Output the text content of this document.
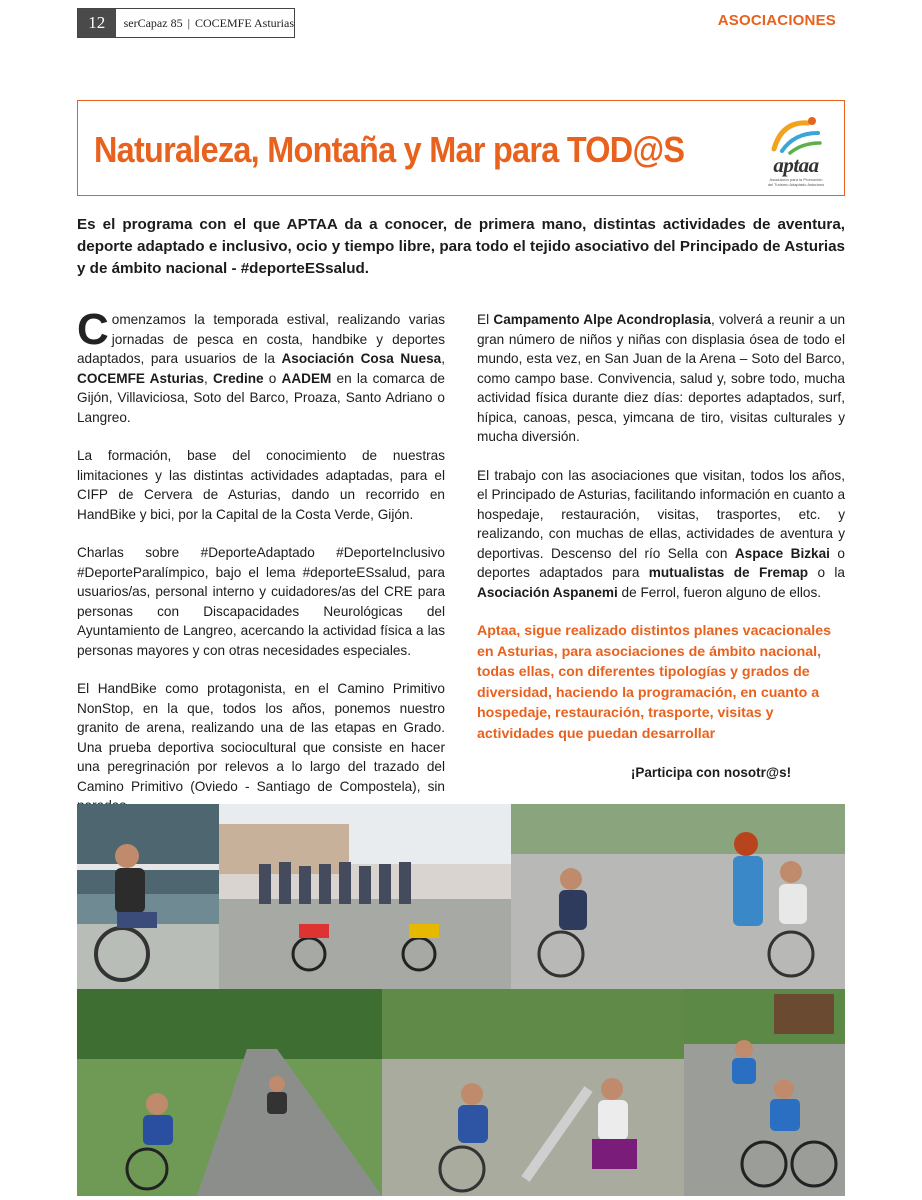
12	serCapaz 85 | COCEMFE Asturias	ASOCIACIONES
Naturaleza, Montaña y Mar para TOD@S	aptaa
Asociación para la Promoción
del Turismo Adaptado Asturiano
Es el programa con el que APTAA da a conocer, de primera mano, distintas actividades de aventura, deporte adaptado e inclusivo, ocio y tiempo libre, para todo el tejido asociativo del Principado de Asturias y de ámbito nacional - #deporteESsalud.

Comenzamos la temporada estival, realizando varias jornadas de pesca en costa, handbike y deportes adaptados, para usuarios de la Asociación Cosa Nuesa, COCEMFE Asturias, Credine o AADEM en la comarca de Gijón, Villaviciosa, Soto del Barco, Proaza, Santo Adriano o Langreo.

La formación, base del conocimiento de nuestras limitaciones y las distintas actividades adaptadas, para el CIFP de Cervera de Asturias, dando un recorrido en HandBike y bici, por la Capital de la Costa Verde, Gijón.

Charlas sobre #DeporteAdaptado #DeporteInclusivo #DeporteParalímpico, bajo el lema #deporteESsalud, para usuarios/as, personal interno y cuidadores/as del CRE para personas con Discapacidades Neurológicas del Ayuntamiento de Langreo, acercando la actividad física a las personas mayores y con otras necesidades especiales.

El HandBike como protagonista, en el Camino Primitivo NonStop, en la que, todos los años, ponemos nuestro granito de arena, realizando una de las etapas en Grado. Una prueba deportiva sociocultural que consiste en hacer una peregrinación por relevos a lo largo del trazado del Camino Primitivo (Oviedo - Santiago de Compostela), sin

El Campamento Alpe Acondroplasia, volverá a reunir a un gran número de niños y niñas con displasia ósea de todo el mundo, esta vez, en San Juan de la Arena – Soto del Barco, como campo base. Convivencia, salud y, sobre todo, mucha actividad física durante diez días: deportes adaptados, surf, hípica, canoas, pesca, yimcana de tiro, visitas culturales y mucha diversión.

El trabajo con las asociaciones que visitan, todos los años, el Principado de Asturias, facilitando información en cuanto a hospedaje, restauración, visitas, trasportes, etc. y realizando, con muchas de ellas, actividades de aventura y deportivas. Descenso del río Sella con Aspace Bizkai o deportes adaptados para mutualistas de Fremap o la Asociación Aspanemi de Ferrol, fueron alguno de ellos.

Aptaa, sigue realizado distintos planes vacacionales en Asturias, para asociaciones de ámbito nacional, todas ellas, con diferentes tipologías y grados de diversidad, haciendo la programación, en cuanto a hospedaje, restauración, trasporte, visitas y actividades que puedan desarrollar

¡Participa con nosotr@s!
